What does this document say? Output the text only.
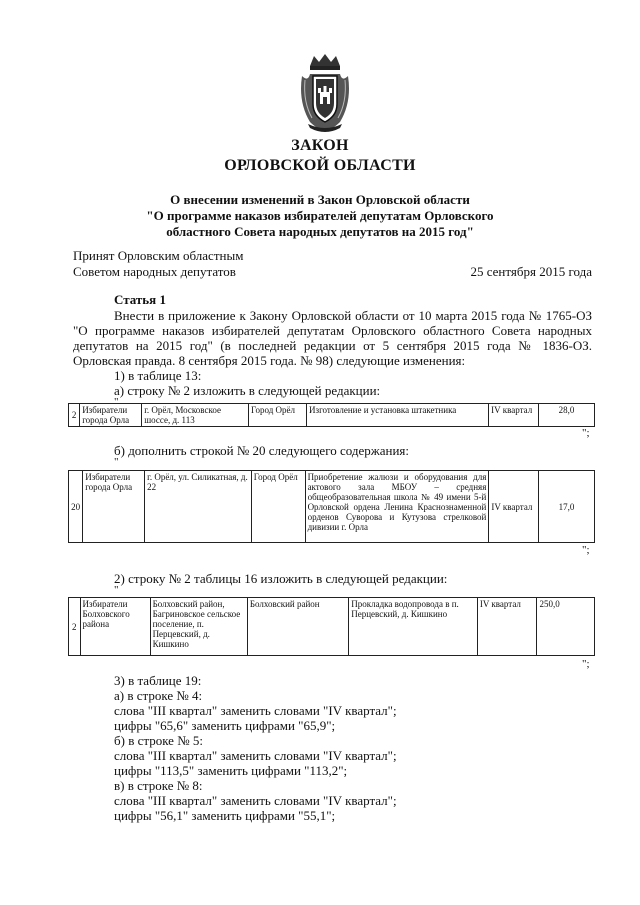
ЗАКОН
ОРЛОВСКОЙ ОБЛАСТИ
О внесении изменений в Закон Орловской области
"О программе наказов избирателей депутатам Орловского
областного Совета народных депутатов на 2015 год"
Принят Орловским областным
Советом народных депутатов	25 сентября 2015 года
Статья 1
Внести в приложение к Закону Орловской области от 10 марта 2015 года № 1765-ОЗ
"О программе наказов избирателей депутатам Орловского областного Совета народных
депутатов на 2015 год" (в последней редакции от 5 сентября 2015 года № 1836-ОЗ.
Орловская правда. 8 сентября 2015 года. № 98) следующие изменения:
1) в таблице 13:
а) строку № 2 изложить в следующей редакции:
"
2	Избиратели города Орла	г. Орёл, Московское шоссе, д. 113	Город Орёл	Изготовление и установка штакетника	IV квартал	28,0
";
б) дополнить строкой № 20 следующего содержания:
"
20	Избиратели города Орла	г. Орёл, ул. Силикатная, д. 22	Город Орёл	Приобретение жалюзи и оборудования для актового зала МБОУ – средняя общеобразовательная школа № 49 имени 5-й Орловской ордена Ленина Краснознаменной орденов Суворова и Кутузова стрелковой дивизии г. Орла	IV квартал	17,0
";
2) строку № 2 таблицы 16 изложить в следующей редакции:
"
2	Избиратели Болховского района	Болховский район, Багриновское сельское поселение, п. Перцевский, д. Кишкино	Болховский район	Прокладка водопровода в п. Перцевский, д. Кишкино	IV квартал	250,0
";
3) в таблице 19:
а) в строке № 4:
слова "III квартал" заменить словами "IV квартал";
цифры "65,6" заменить цифрами "65,9";
б) в строке № 5:
слова "III квартал" заменить словами "IV квартал";
цифры "113,5" заменить цифрами "113,2";
в) в строке № 8:
слова "III квартал" заменить словами "IV квартал";
цифры "56,1" заменить цифрами "55,1";
